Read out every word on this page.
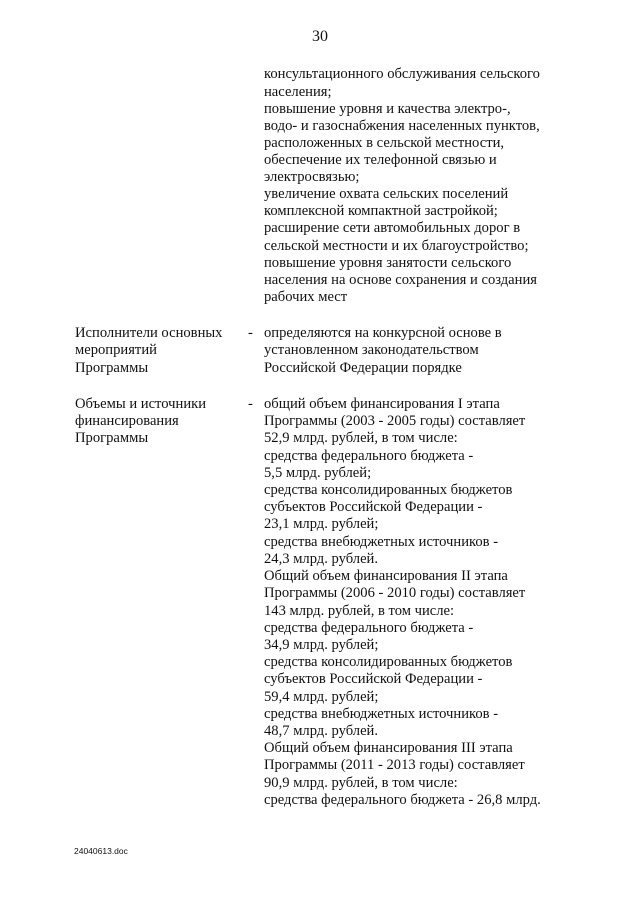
30
консультационного обслуживания сельского
населения;
повышение уровня и качества электро-,
водо- и газоснабжения населенных пунктов,
расположенных в сельской местности,
обеспечение их телефонной связью и
электросвязью;
увеличение охвата сельских поселений
комплексной компактной застройкой;
расширение сети автомобильных дорог в
сельской местности и их благоустройство;
повышение уровня занятости сельского
населения на основе сохранения и создания
рабочих мест
Исполнители основных
мероприятий
Программы
- определяются на конкурсной основе в
установленном законодательством
Российской Федерации порядке
Объемы и источники
финансирования
Программы
- общий объем финансирования I этапа
Программы (2003 - 2005 годы) составляет
52,9 млрд. рублей, в том числе:
средства федерального бюджета -
5,5 млрд. рублей;
средства консолидированных бюджетов
субъектов Российской Федерации -
23,1 млрд. рублей;
средства внебюджетных источников -
24,3 млрд. рублей.
Общий объем финансирования II этапа
Программы (2006 - 2010 годы) составляет
143 млрд. рублей, в том числе:
средства федерального бюджета -
34,9 млрд. рублей;
средства консолидированных бюджетов
субъектов Российской Федерации -
59,4 млрд. рублей;
средства внебюджетных источников -
48,7 млрд. рублей.
Общий объем финансирования III этапа
Программы (2011 - 2013 годы) составляет
90,9 млрд. рублей, в том числе:
средства федерального бюджета - 26,8 млрд.
24040613.doc
